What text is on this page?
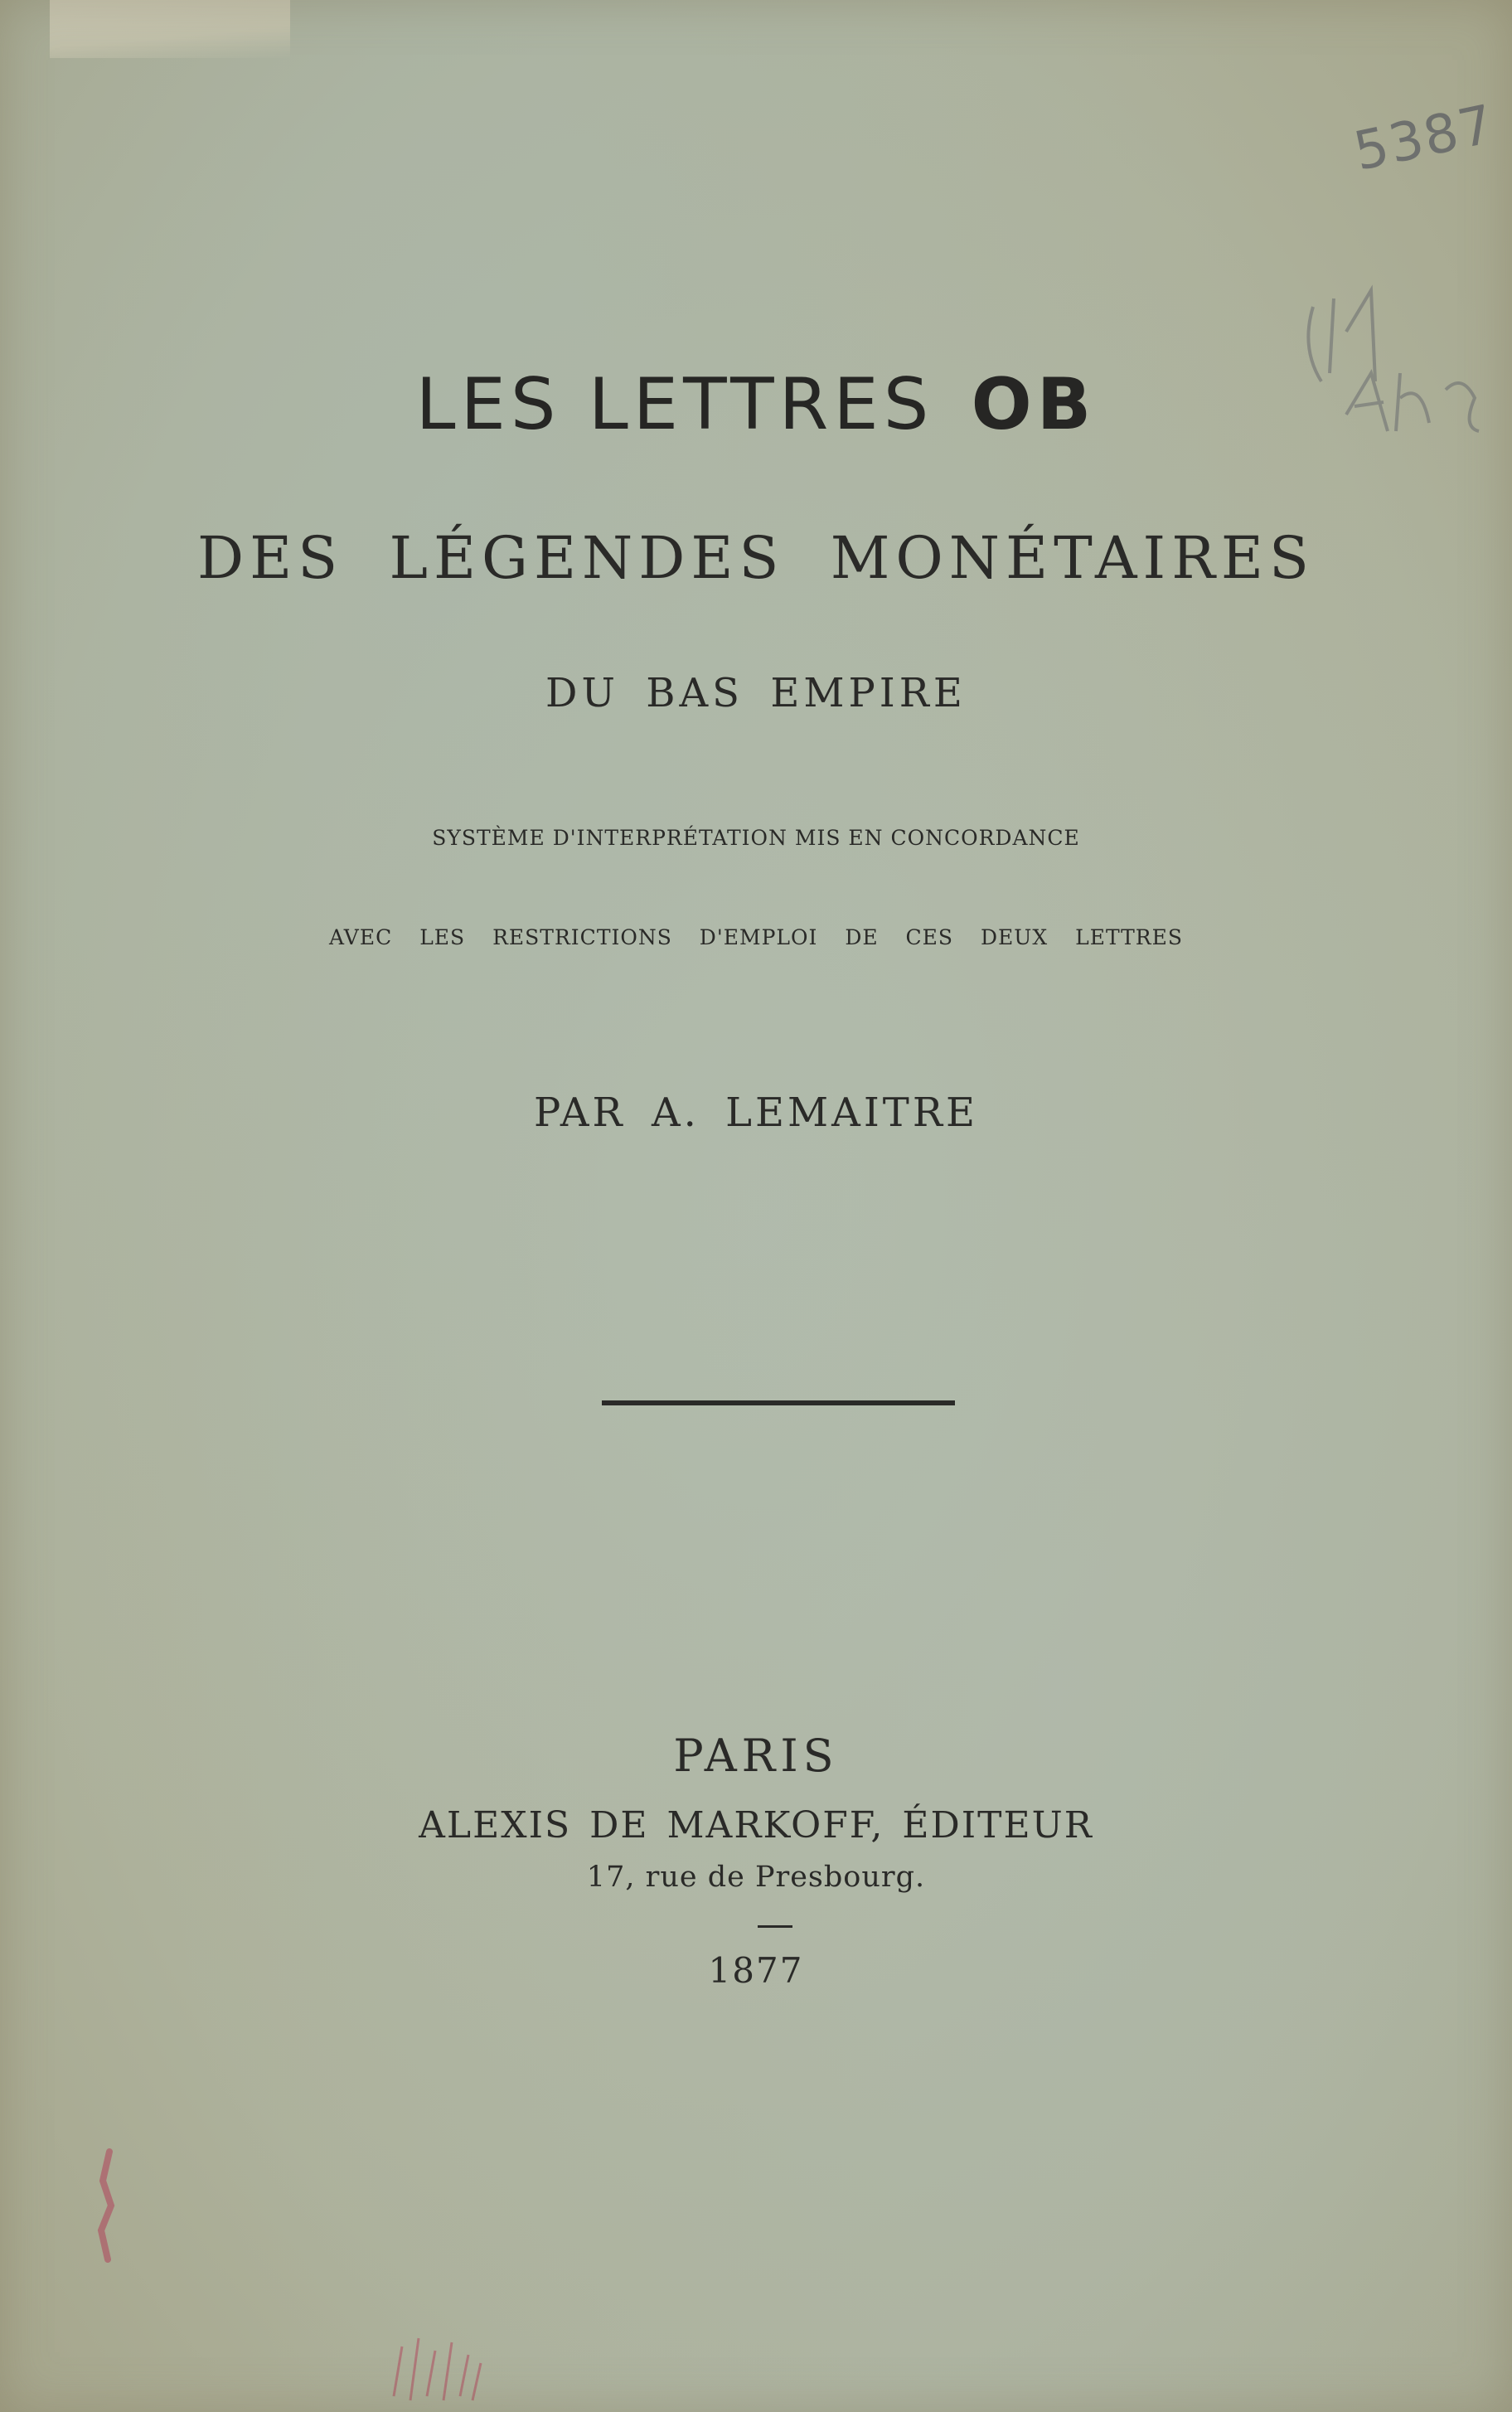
5387
LES LETTRES OB
DES LÉGENDES MONÉTAIRES
DU BAS EMPIRE
SYSTÈME D'INTERPRÉTATION MIS EN CONCORDANCE
AVEC LES RESTRICTIONS D'EMPLOI DE CES DEUX LETTRES
PAR A. LEMAITRE
PARIS
ALEXIS DE MARKOFF, ÉDITEUR
17, rue de Presbourg.
1877
